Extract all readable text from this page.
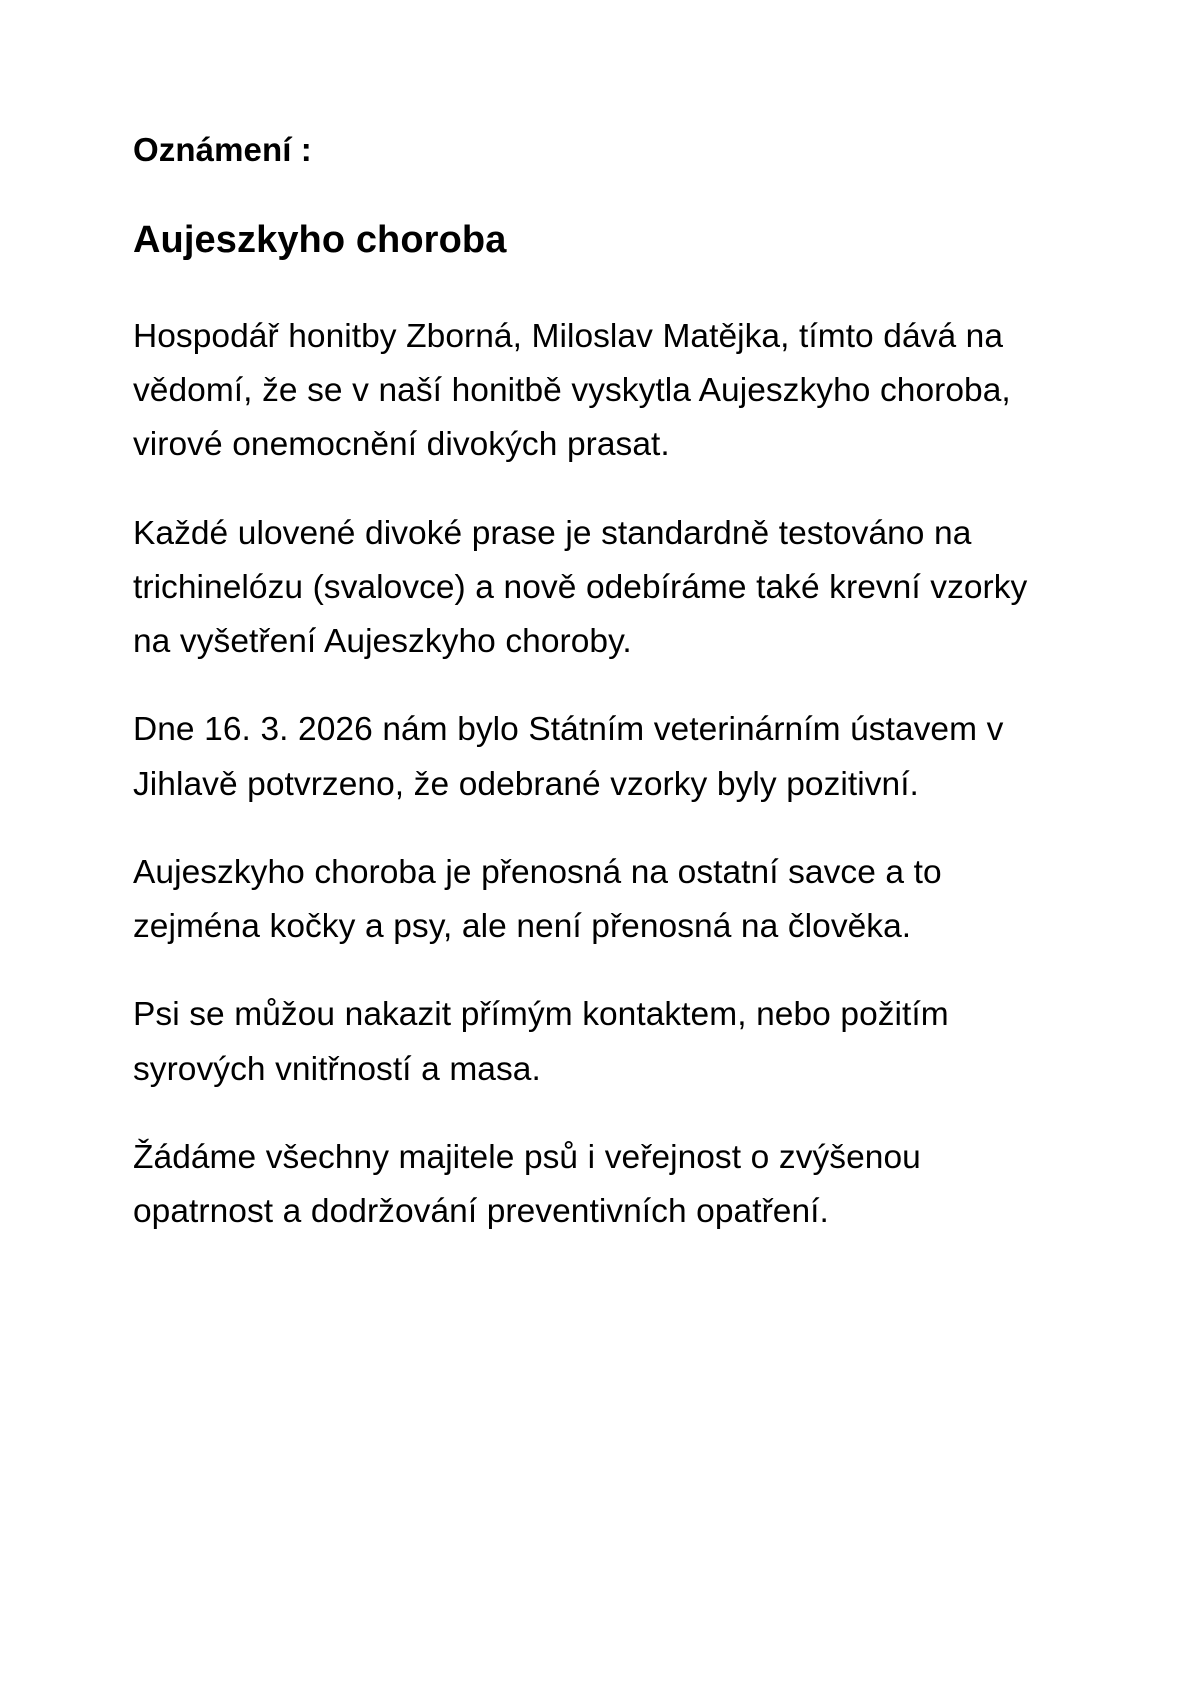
Oznámení :
Aujeszkyho choroba

Hospodář honitby Zborná, Miloslav Matějka, tímto dává na vědomí, že se v naší honitbě vyskytla Aujeszkyho choroba, virové onemocnění divokých prasat.

Každé ulovené divoké prase je standardně testováno na trichinelózu (svalovce) a nově odebíráme také krevní vzorky na vyšetření Aujeszkyho choroby.

Dne 16. 3. 2026 nám bylo Státním veterinárním ústavem v Jihlavě potvrzeno, že odebrané vzorky byly pozitivní.

Aujeszkyho choroba je přenosná na ostatní savce a to zejména kočky a psy, ale není přenosná na člověka.

Psi se můžou nakazit přímým kontaktem, nebo požitím syrových vnitřností a masa.

Žádáme všechny majitele psů i veřejnost o zvýšenou opatrnost a dodržování preventivních opatření.
